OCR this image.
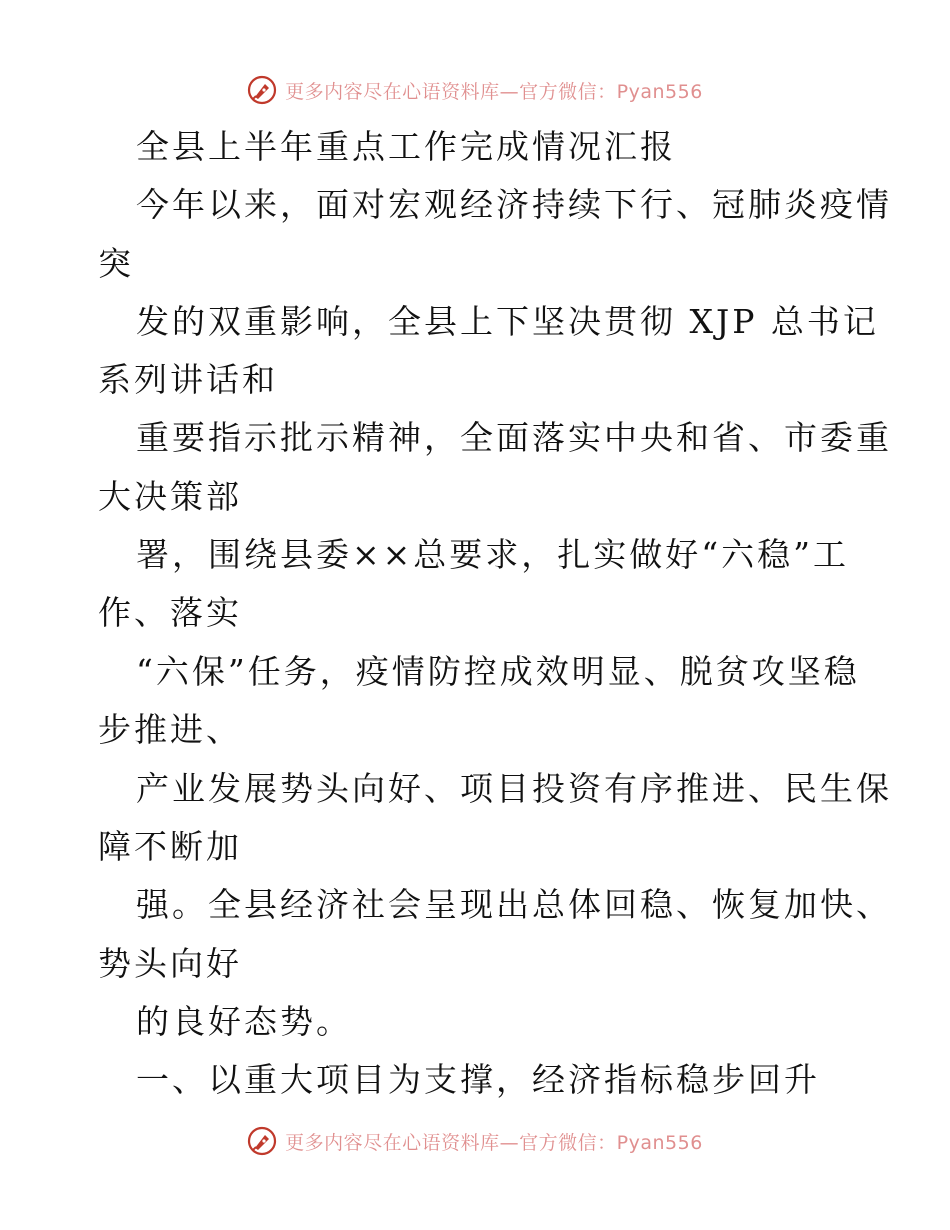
更多内容尽在心语资料库—官方微信：Pyan556
全县上半年重点工作完成情况汇报
今年以来，面对宏观经济持续下行、冠肺炎疫情
突
发的双重影响，全县上下坚决贯彻 XJP 总书记
系列讲话和
重要指示批示精神，全面落实中央和省、市委重
大决策部
署，围绕县委××总要求，扎实做好“六稳”工
作、落实
“六保”任务，疫情防控成效明显、脱贫攻坚稳
步推进、
产业发展势头向好、项目投资有序推进、民生保
障不断加
强。全县经济社会呈现出总体回稳、恢复加快、
势头向好
的良好态势。
一、以重大项目为支撑，经济指标稳步回升
更多内容尽在心语资料库—官方微信：Pyan556
